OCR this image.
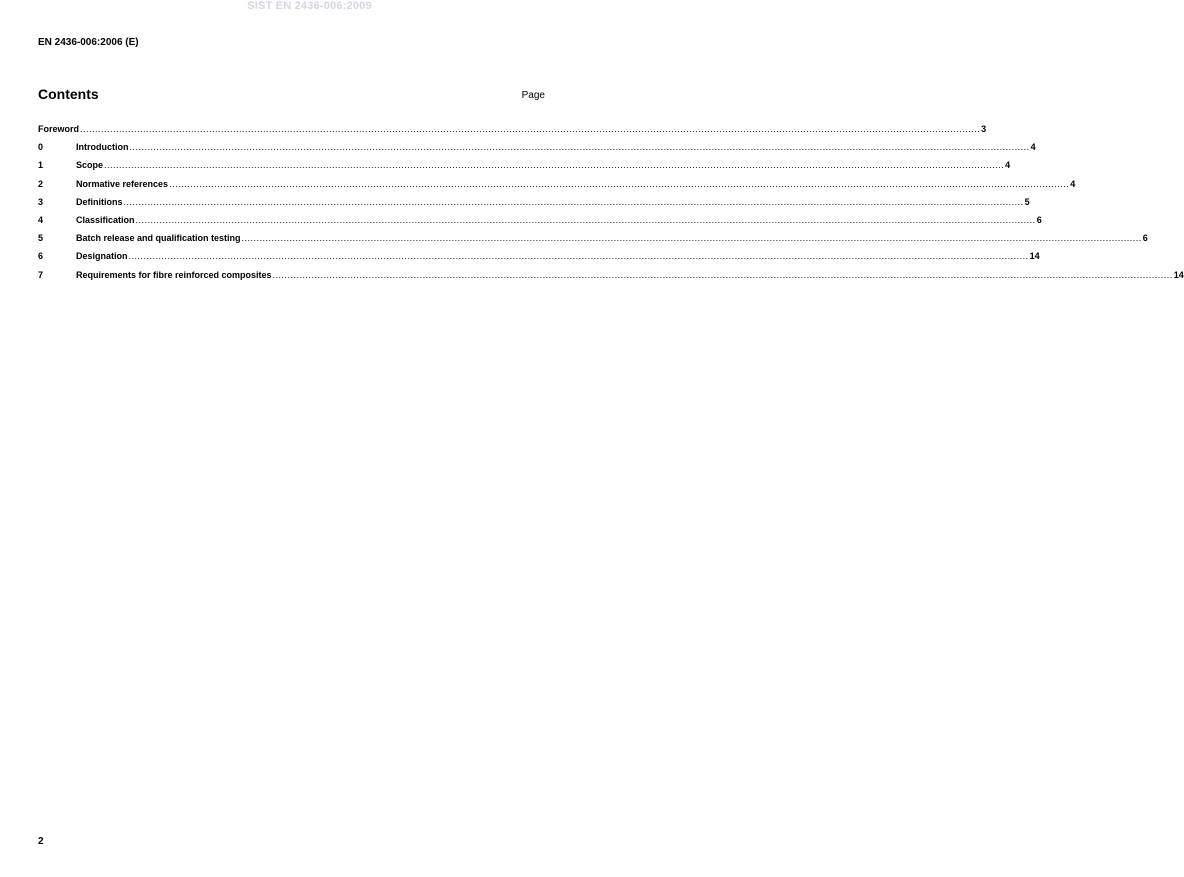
SIST EN 2436-006:2009
EN 2436-006:2006 (E)
Contents	Page
Foreword ............................................................................................................................................................................................................................................................................................................ 3
0	Introduction ............................................................................................................................................................................................................................................................................................................ 4
1	Scope ............................................................................................................................................................................................................................................................................................................ 4
2	Normative references ............................................................................................................................................................................................................................................................................................................ 4
3	Definitions ............................................................................................................................................................................................................................................................................................................ 5
4	Classification ............................................................................................................................................................................................................................................................................................................ 6
5	Batch release and qualification testing ............................................................................................................................................................................................................................................................................................................ 6
6	Designation ............................................................................................................................................................................................................................................................................................................ 14
7	Requirements for fibre reinforced composites ............................................................................................................................................................................................................................................................................................................ 14
2
